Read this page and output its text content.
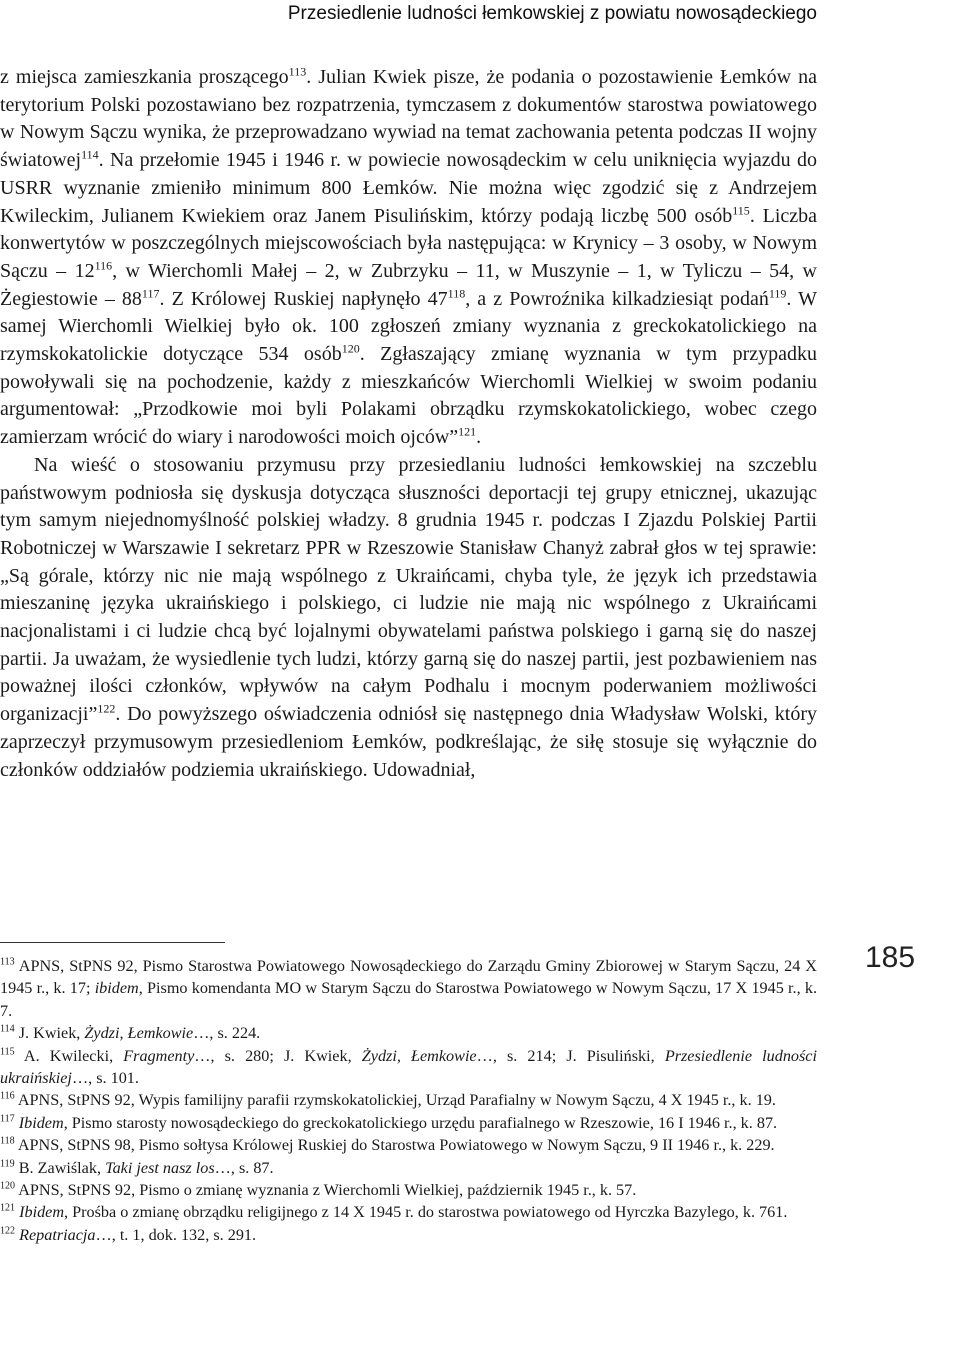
Przesiedlenie ludności łemkowskiej z powiatu nowosądeckiego

z miejsca zamieszkania proszącego$^{113}$. Julian Kwiek pisze, że podania o pozostawienie Łemków na terytorium Polski pozostawiano bez rozpatrzenia, tymczasem z dokumentów starostwa powiatowego w Nowym Sączu wynika, że przeprowadzano wywiad na temat zachowania petenta podczas II wojny światowej$^{114}$. Na przełomie 1945 i 1946 r. w powiecie nowosądeckim w celu uniknięcia wyjazdu do USRR wyznanie zmieniło minimum 800 Łemków. Nie można więc zgodzić się z Andrzejem Kwileckim, Julianem Kwiekiem oraz Janem Pisulińskim, którzy podają liczbę 500 osób$^{115}$. Liczba konwertytów w poszczególnych miejscowościach była następująca: w Krynicy – 3 osoby, w Nowym Sączu – $12^{116}$, w Wierchomli Małej – 2, w Zubrzyku – 11, w Muszynie – 1, w Tyliczu – 54, w Żegiestowie – $88^{117}$. Z Królowej Ruskiej napłynęło $47^{118}$, a z Powroźnika kilkadziesiąt podań$^{119}$. W samej Wierchomli Wielkiej było ok. 100 zgłoszeń zmiany wyznania z greckokatolickiego na rzymskokatolickie dotyczące 534 osób$^{120}$. Zgłaszający zmianę wyznania w tym przypadku powoływali się na pochodzenie, każdy z mieszkańców Wierchomli Wielkiej w swoim podaniu argumentował: „Przodkowie moi byli Polakami obrządku rzymskokatolickiego, wobec czego zamierzam wrócić do wiary i narodowości moich ojców”$^{121}$.

Na wieść o stosowaniu przymusu przy przesiedlaniu ludności łemkowskiej na szczeblu państwowym podniosła się dyskusja dotycząca słuszności deportacji tej grupy etnicznej, ukazując tym samym niejednomyślność polskiej władzy. 8 grudnia 1945 r. podczas I Zjazdu Polskiej Partii Robotniczej w Warszawie I sekretarz PPR w Rzeszowie Stanisław Chanyż zabrał głos w tej sprawie: „Są górale, którzy nic nie mają wspólnego z Ukraińcami, chyba tyle, że język ich przedstawia mieszaninę języka ukraińskiego i polskiego, ci ludzie nie mają nic wspólnego z Ukraińcami nacjonalistami i ci ludzie chcą być lojalnymi obywatelami państwa polskiego i garną się do naszej partii. Ja uważam, że wysiedlenie tych ludzi, którzy garną się do naszej partii, jest pozbawieniem nas poważnej ilości członków, wpływów na całym Podhalu i mocnym poderwaniem możliwości organizacji”$^{122}$. Do powyższego oświadczenia odniósł się następnego dnia Władysław Wolski, który zaprzeczył przymusowym przesiedleniom Łemków, podkreślając, że siłę stosuje się wyłącznie do członków oddziałów podziemia ukraińskiego. Udowadniał,

185

$^{113}$ APNS, StPNS 92, Pismo Starostwa Powiatowego Nowosądeckiego do Zarządu Gminy Zbiorowej w Starym Sączu, 24 X 1945 r., k. 17; ibidem, Pismo komendanta MO w Starym Sączu do Starostwa Powiatowego w Nowym Sączu, 17 X 1945 r., k. 7.

$^{114}$ J. Kwiek, Żydzi, Łemkowie…, s. 224.

$^{115}$ A. Kwilecki, Fragmenty…, s. 280; J. Kwiek, Żydzi, Łemkowie…, s. 214; J. Pisuliński, Przesiedlenie ludności ukraińskiej…, s. 101.

$^{116}$ APNS, StPNS 92, Wypis familijny parafii rzymskokatolickiej, Urząd Parafialny w Nowym Sączu, 4 X 1945 r., k. 19.

$^{117}$ Ibidem, Pismo starosty nowosądeckiego do greckokatolickiego urzędu parafialnego w Rzeszowie, 16 I 1946 r., k. 87.

$^{118}$ APNS, StPNS 98, Pismo sołtysa Królowej Ruskiej do Starostwa Powiatowego w Nowym Sączu, 9 II 1946 r., k. 229.

$^{119}$ B. Zawiślak, Taki jest nasz los…, s. 87.

$^{120}$ APNS, StPNS 92, Pismo o zmianę wyznania z Wierchomli Wielkiej, październik 1945 r., k. 57.

$^{121}$ Ibidem, Prośba o zmianę obrządku religijnego z 14 X 1945 r. do starostwa powiatowego od Hyrczka Bazylego, k. 761.

$^{122}$ Repatriacja…, t. 1, dok. 132, s. 291.
